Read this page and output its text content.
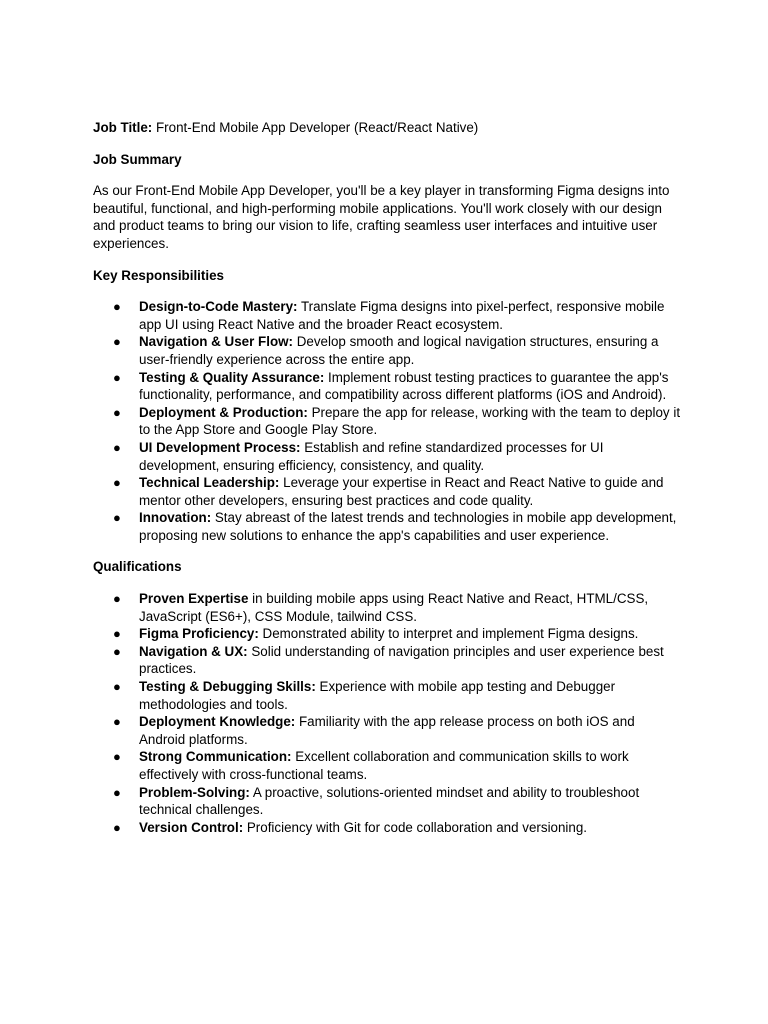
Job Title: Front-End Mobile App Developer (React/React Native)

Job Summary

As our Front-End Mobile App Developer, you'll be a key player in transforming Figma designs into beautiful, functional, and high-performing mobile applications. You'll work closely with our design and product teams to bring our vision to life, crafting seamless user interfaces and intuitive user experiences.

Key Responsibilities

●	Design-to-Code Mastery: Translate Figma designs into pixel-perfect, responsive mobile app UI using React Native and the broader React ecosystem.
●	Navigation & User Flow: Develop smooth and logical navigation structures, ensuring a user-friendly experience across the entire app.
●	Testing & Quality Assurance: Implement robust testing practices to guarantee the app's functionality, performance, and compatibility across different platforms (iOS and Android).
●	Deployment & Production: Prepare the app for release, working with the team to deploy it to the App Store and Google Play Store.
●	UI Development Process: Establish and refine standardized processes for UI development, ensuring efficiency, consistency, and quality.
●	Technical Leadership: Leverage your expertise in React and React Native to guide and mentor other developers, ensuring best practices and code quality.
●	Innovation: Stay abreast of the latest trends and technologies in mobile app development, proposing new solutions to enhance the app's capabilities and user experience.

Qualifications

●	Proven Expertise in building mobile apps using React Native and React, HTML/CSS, JavaScript (ES6+), CSS Module, tailwind CSS.
●	Figma Proficiency: Demonstrated ability to interpret and implement Figma designs.
●	Navigation & UX: Solid understanding of navigation principles and user experience best practices.
●	Testing & Debugging Skills: Experience with mobile app testing and Debugger methodologies and tools.
●	Deployment Knowledge: Familiarity with the app release process on both iOS and Android platforms.
●	Strong Communication: Excellent collaboration and communication skills to work effectively with cross-functional teams.
●	Problem-Solving: A proactive, solutions-oriented mindset and ability to troubleshoot technical challenges.
●	Version Control: Proficiency with Git for code collaboration and versioning.
